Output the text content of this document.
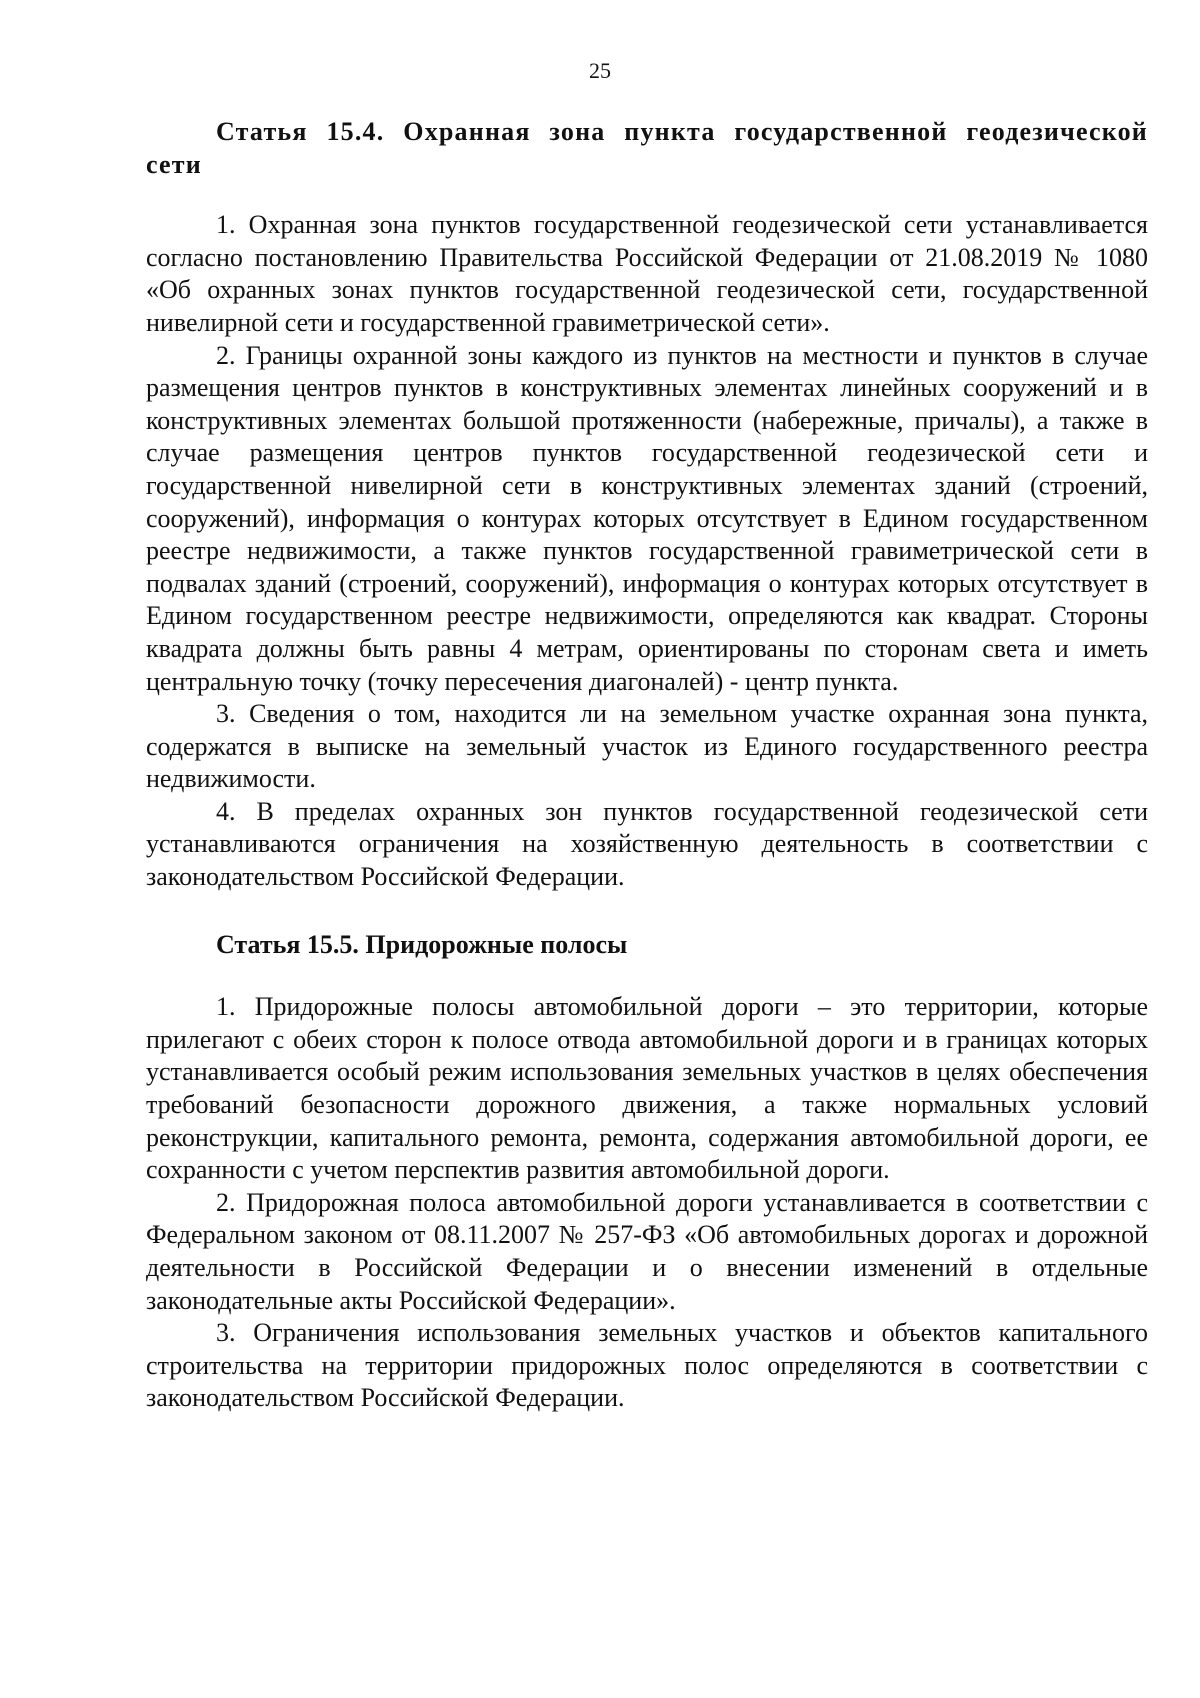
25

Статья 15.4. Охранная зона пункта государственной геодезической сети

1. Охранная зона пунктов государственной геодезической сети устанавливается согласно постановлению Правительства Российской Федерации от 21.08.2019 № 1080 «Об охранных зонах пунктов государственной геодезической сети, государственной нивелирной сети и государственной гравиметрической сети».

2. Границы охранной зоны каждого из пунктов на местности и пунктов в случае размещения центров пунктов в конструктивных элементах линейных сооружений и в конструктивных элементах большой протяженности (набережные, причалы), а также в случае размещения центров пунктов государственной геодезической сети и государственной нивелирной сети в конструктивных элементах зданий (строений, сооружений), информация о контурах которых отсутствует в Едином государственном реестре недвижимости, а также пунктов государственной гравиметрической сети в подвалах зданий (строений, сооружений), информация о контурах которых отсутствует в Едином государственном реестре недвижимости, определяются как квадрат. Стороны квадрата должны быть равны 4 метрам, ориентированы по сторонам света и иметь центральную точку (точку пересечения диагоналей) - центр пункта.

3. Сведения о том, находится ли на земельном участке охранная зона пункта, содержатся в выписке на земельный участок из Единого государственного реестра недвижимости.

4. В пределах охранных зон пунктов государственной геодезической сети устанавливаются ограничения на хозяйственную деятельность в соответствии с законодательством Российской Федерации.

Статья 15.5. Придорожные полосы

1. Придорожные полосы автомобильной дороги – это территории, которые прилегают с обеих сторон к полосе отвода автомобильной дороги и в границах которых устанавливается особый режим использования земельных участков в целях обеспечения требований безопасности дорожного движения, а также нормальных условий реконструкции, капитального ремонта, ремонта, содержания автомобильной дороги, ее сохранности с учетом перспектив развития автомобильной дороги.

2. Придорожная полоса автомобильной дороги устанавливается в соответствии с Федеральном законом от 08.11.2007 № 257-ФЗ «Об автомобильных дорогах и дорожной деятельности в Российской Федерации и о внесении изменений в отдельные законодательные акты Российской Федерации».

3. Ограничения использования земельных участков и объектов капитального строительства на территории придорожных полос определяются в соответствии с законодательством Российской Федерации.
